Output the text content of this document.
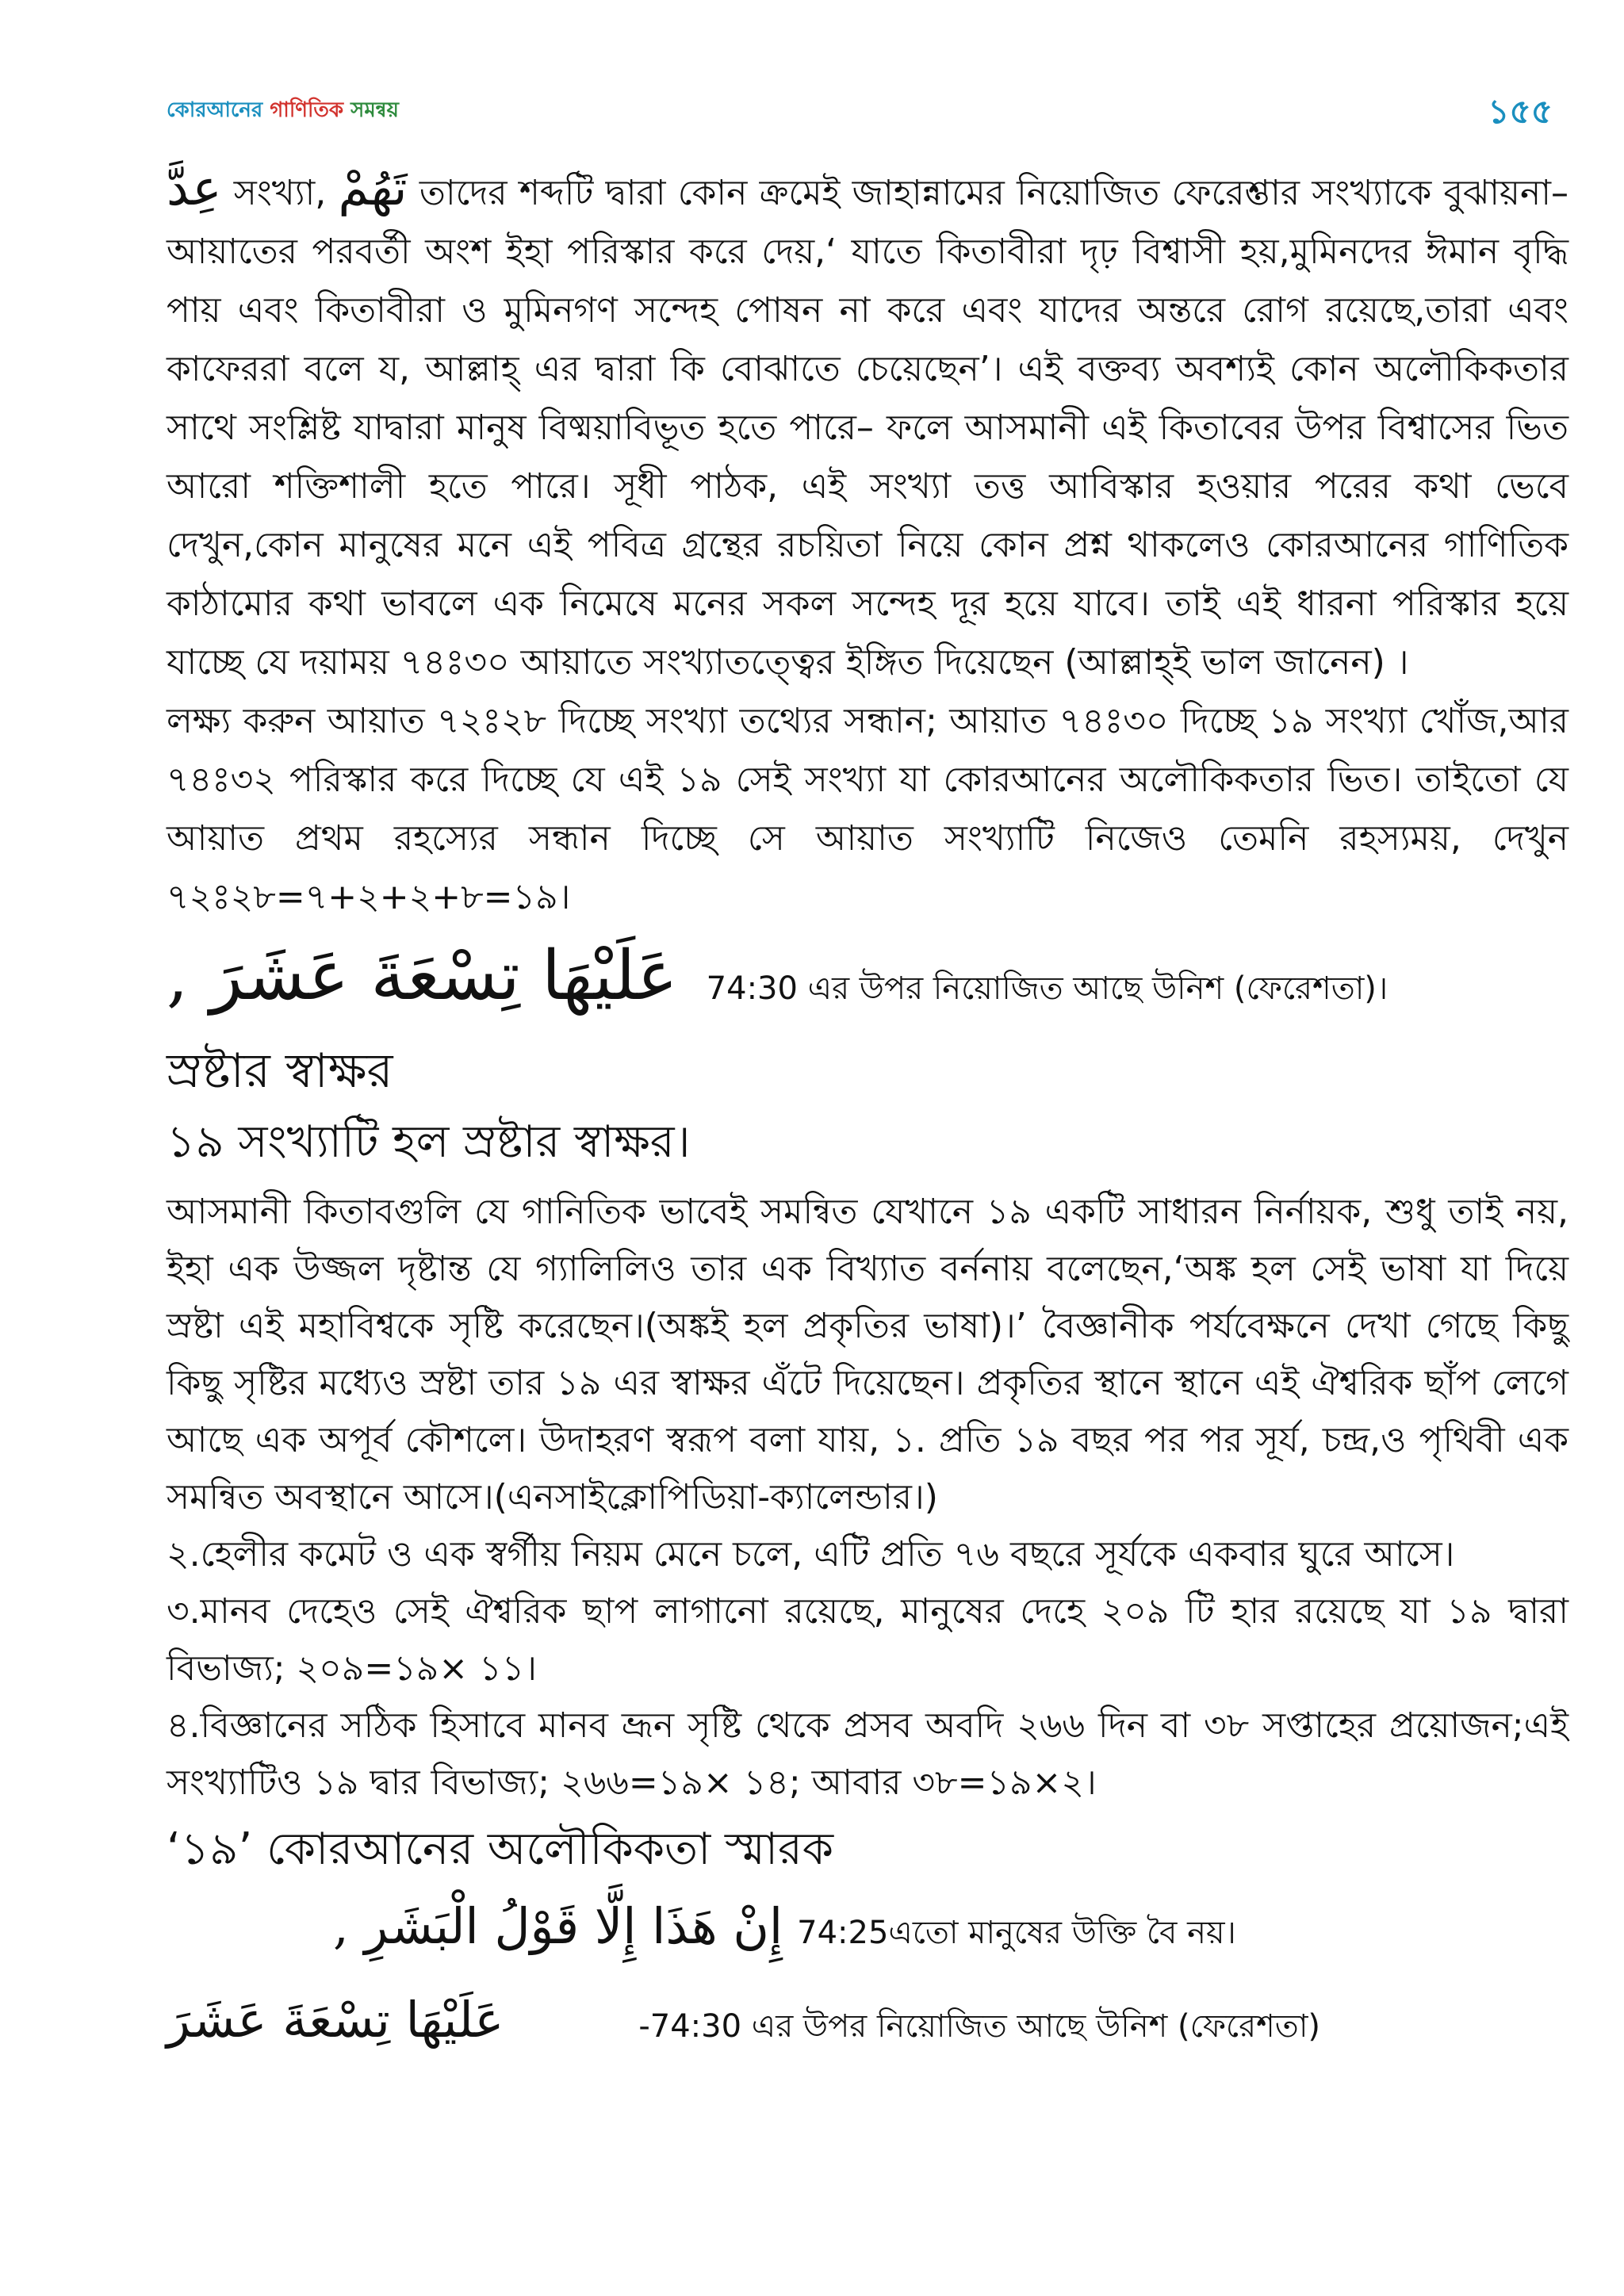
কোরআনের গাণিতিক সমন্বয়	১৫৫

عِدَّ সংখ্যা, تَهُمْ তাদের শব্দটি দ্বারা কোন ক্রমেই জাহান্নামের নিয়োজিত ফেরেশ্তার সংখ্যাকে বুঝায়না–আয়াতের পরবর্তী অংশ ইহা পরিস্কার করে দেয়,‘ যাতে কিতাবীরা দৃঢ় বিশ্বাসী হয়,মুমিনদের ঈমান বৃদ্ধি পায় এবং কিতাবীরা ও মুমিনগণ সন্দেহ পোষন না করে এবং যাদের অন্তরে রোগ রয়েছে,তারা এবং কাফেররা বলে য, আল্লাহ্ এর দ্বারা কি বোঝাতে চেয়েছেন’। এই বক্তব্য অবশ্যই কোন অলৌকিকতার সাথে সংশ্লিষ্ট যাদ্বারা মানুষ বিষ্ময়াবিভূত হতে পারে– ফলে আসমানী এই কিতাবের উপর বিশ্বাসের ভিত আরো শক্তিশালী হতে পারে। সূধী পাঠক, এই সংখ্যা তত্ত আবিস্কার হওয়ার পরের কথা ভেবে দেখুন,কোন মানুষের মনে এই পবিত্র গ্রন্থের রচয়িতা নিয়ে কোন প্রশ্ন থাকলেও কোরআনের গাণিতিক কাঠামোর কথা ভাবলে এক নিমেষে মনের সকল সন্দেহ দূর হয়ে যাবে। তাই এই ধারনা পরিস্কার হয়ে যাচ্ছে যে দয়াময় ৭৪ঃ৩০ আয়াতে সংখ্যাতত্ত্বের ইঙ্গিত দিয়েছেন (আল্লাহ্ই ভাল জানেন) ।

লক্ষ্য করুন আয়াত ৭২ঃ২৮ দিচ্ছে সংখ্যা তথ্যের সন্ধান; আয়াত ৭৪ঃ৩০ দিচ্ছে ১৯ সংখ্যা খোঁজ,আর ৭৪ঃ৩২ পরিস্কার করে দিচ্ছে যে এই ১৯ সেই সংখ্যা যা কোরআনের অলৌকিকতার ভিত। তাইতো যে আয়াত প্রথম রহস্যের সন্ধান দিচ্ছে সে আয়াত সংখ্যাটি নিজেও তেমনি রহস্যময়, দেখুন ৭২ঃ২৮=৭+২+২+৮=১৯।

عَلَيْهَا تِسْعَةَ عَشَرَ , 74:30 এর উপর নিয়োজিত আছে উনিশ (ফেরেশতা)।
স্রষ্টার স্বাক্ষর
১৯ সংখ্যাটি হল স্রষ্টার স্বাক্ষর।

আসমানী কিতাবগুলি যে গানিতিক ভাবেই সমন্বিত যেখানে ১৯ একটি সাধারন নির্নায়ক, শুধু তাই নয়, ইহা এক উজ্জল দৃষ্টান্ত যে গ্যালিলিও তার এক বিখ্যাত বর্ননায় বলেছেন,‘অঙ্ক হল সেই ভাষা যা দিয়ে স্রষ্টা এই মহাবিশ্বকে সৃষ্টি করেছেন।(অঙ্কই হল প্রকৃতির ভাষা)।’ বৈজ্ঞানীক পর্যবেক্ষনে দেখা গেছে কিছু কিছু সৃষ্টির মধ্যেও স্রষ্টা তার ১৯ এর স্বাক্ষর এঁটে দিয়েছেন। প্রকৃতির স্থানে স্থানে এই ঐশ্বরিক ছাঁপ লেগে আছে এক অপূর্ব কৌশলে। উদাহরণ স্বরূপ বলা যায়, ১. প্রতি ১৯ বছর পর পর সূর্য, চন্দ্র,ও পৃথিবী এক সমন্বিত অবস্থানে আসে।(এনসাইক্লোপিডিয়া-ক্যালেন্ডার।)

২.হেলীর কমেট ও এক স্বর্গীয় নিয়ম মেনে চলে, এটি প্রতি ৭৬ বছরে সূর্যকে একবার ঘুরে আসে।

৩.মানব দেহেও সেই ঐশ্বরিক ছাপ লাগানো রয়েছে, মানুষের দেহে ২০৯ টি হার রয়েছে যা ১৯ দ্বারা বিভাজ্য; ২০৯=১৯× ১১।

৪.বিজ্ঞানের সঠিক হিসাবে মানব ভ্রূন সৃষ্টি থেকে প্রসব অবদি ২৬৬ দিন বা ৩৮ সপ্তাহের প্রয়োজন;এই সংখ্যাটিও ১৯ দ্বার বিভাজ্য; ২৬৬=১৯× ১৪; আবার ৩৮=১৯×২।

‘১৯’ কোরআনের অলৌকিকতা স্মারক
إِنْ هَذَا إِلَّا قَوْلُ الْبَشَرِ , 74:25এতো মানুষের উক্তি বৈ নয়।
عَلَيْهَا تِسْعَةَ عَشَرَ	-74:30 এর উপর নিয়োজিত আছে উনিশ (ফেরেশতা)
